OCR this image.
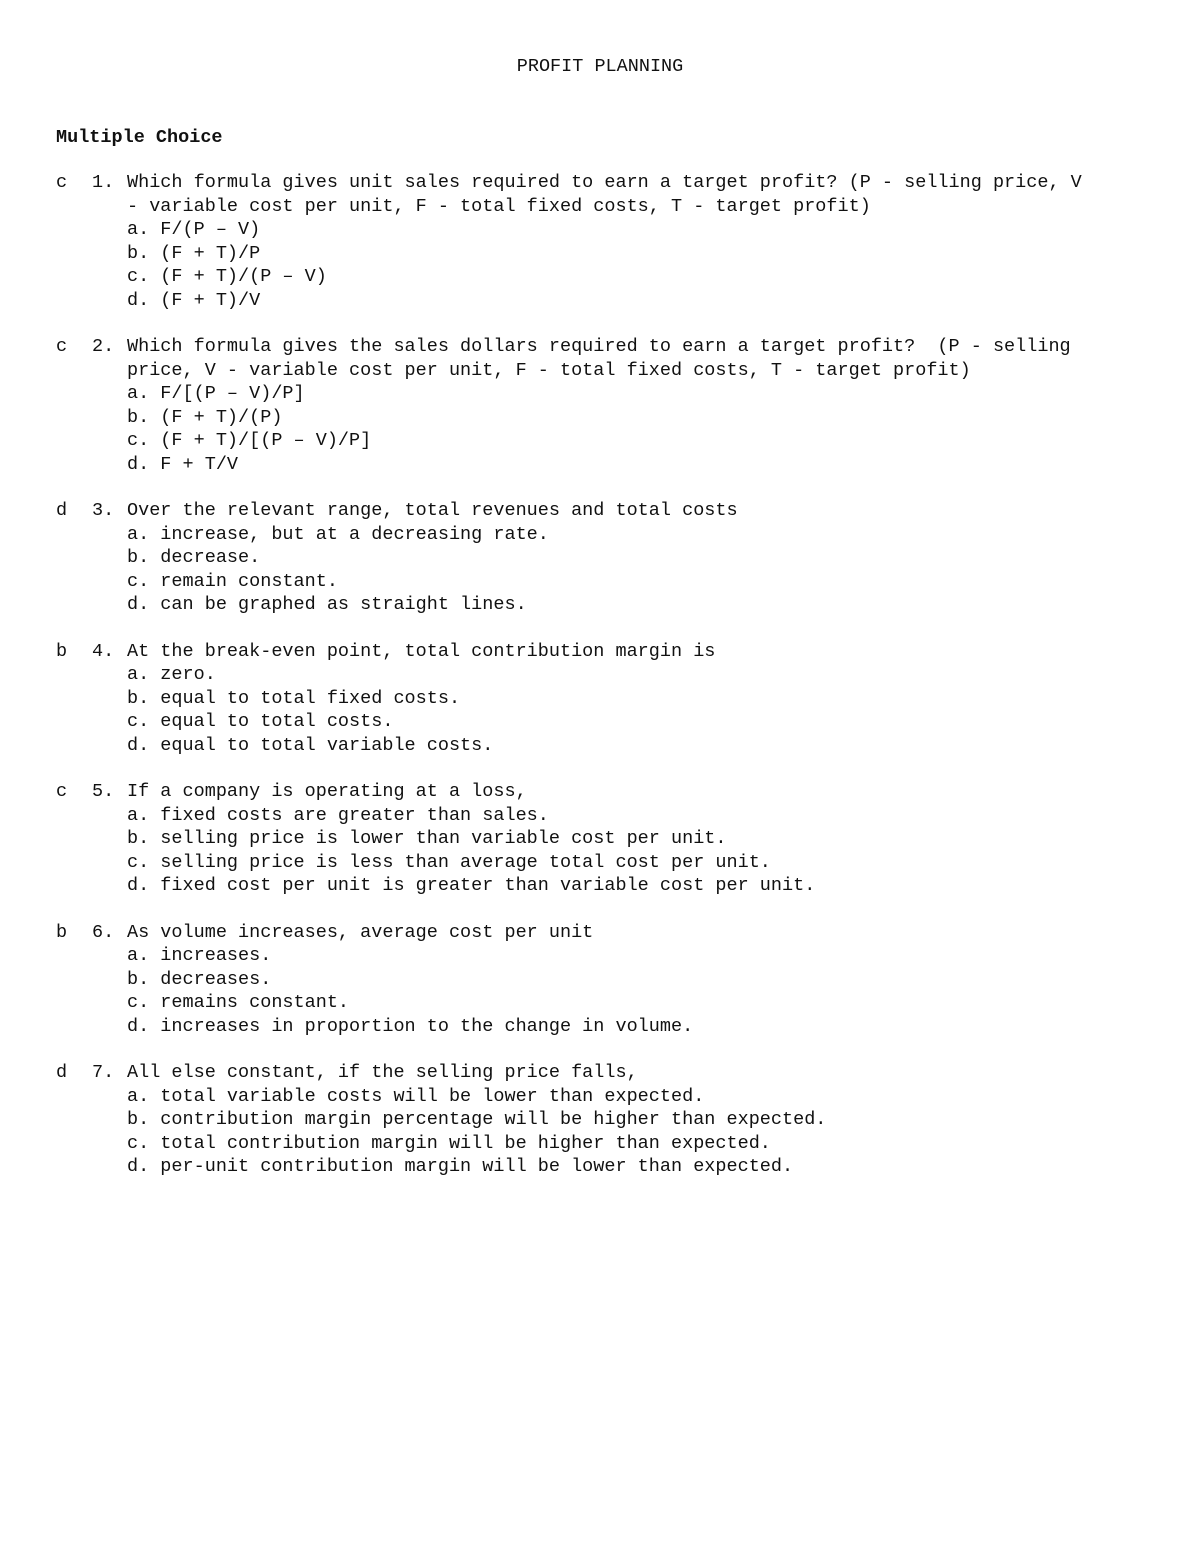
PROFIT PLANNING
Multiple Choice
c 1. Which formula gives unit sales required to earn a target profit? (P - selling price, V
- variable cost per unit, F - total fixed costs, T - target profit)
a. F/(P – V)
b. (F + T)/P
c. (F + T)/(P – V)
d. (F + T)/V
c 2. Which formula gives the sales dollars required to earn a target profit?  (P - selling
price, V - variable cost per unit, F - total fixed costs, T - target profit)
a. F/[(P – V)/P]
b. (F + T)/(P)
c. (F + T)/[(P – V)/P]
d. F + T/V
d 3. Over the relevant range, total revenues and total costs
a. increase, but at a decreasing rate.
b. decrease.
c. remain constant.
d. can be graphed as straight lines.
b 4. At the break-even point, total contribution margin is
a. zero.
b. equal to total fixed costs.
c. equal to total costs.
d. equal to total variable costs.
c 5. If a company is operating at a loss,
a. fixed costs are greater than sales.
b. selling price is lower than variable cost per unit.
c. selling price is less than average total cost per unit.
d. fixed cost per unit is greater than variable cost per unit.
b 6. As volume increases, average cost per unit
a. increases.
b. decreases.
c. remains constant.
d. increases in proportion to the change in volume.
d 7. All else constant, if the selling price falls,
a. total variable costs will be lower than expected.
b. contribution margin percentage will be higher than expected.
c. total contribution margin will be higher than expected.
d. per-unit contribution margin will be lower than expected.
